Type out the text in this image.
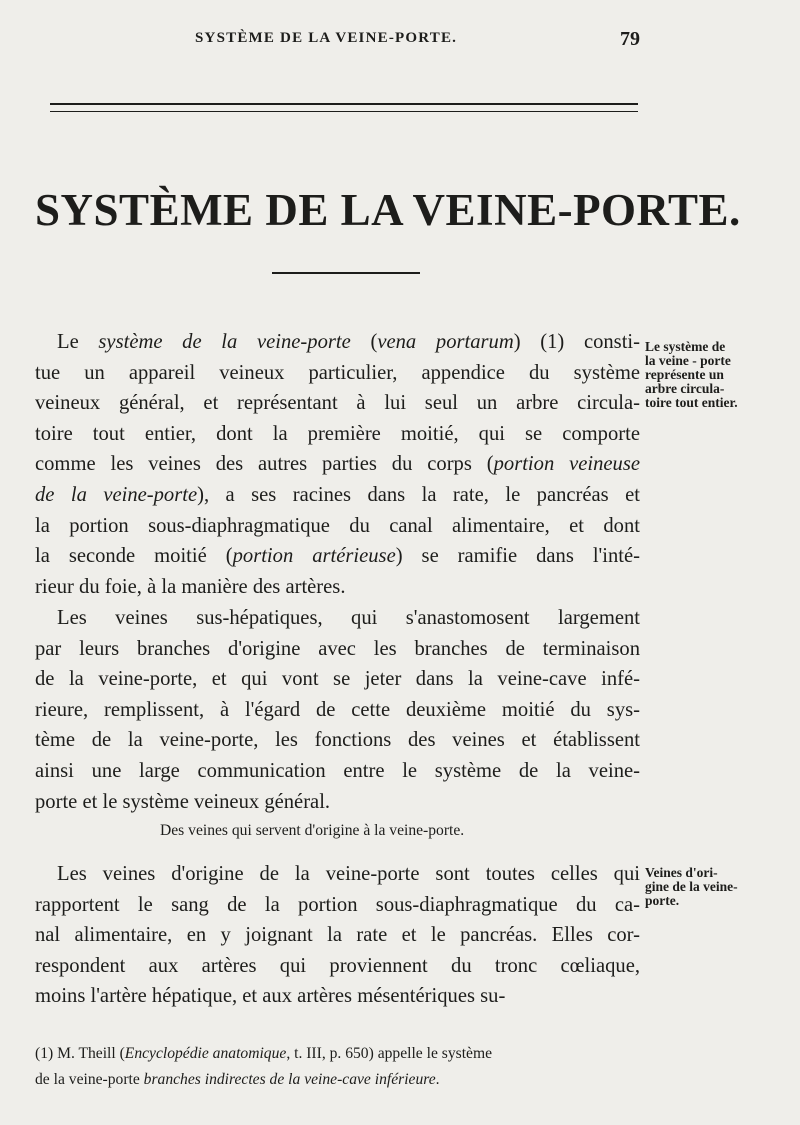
SYSTÈME DE LA VEINE-PORTE.	79
SYSTÈME DE LA VEINE-PORTE.

Le système de la veine-porte (vena portarum) (1) consti-

tue un appareil veineux particulier, appendice du système

veineux général, et représentant à lui seul un arbre circula-

toire tout entier, dont la première moitié, qui se comporte

comme les veines des autres parties du corps (portion veineuse

de la veine-porte), a ses racines dans la rate, le pancréas et

la portion sous-diaphragmatique du canal alimentaire, et dont

la seconde moitié (portion artérieuse) se ramifie dans l'inté-

rieur du foie, à la manière des artères.

Les veines sus-hépatiques, qui s'anastomosent largement

par leurs branches d'origine avec les branches de terminaison

de la veine-porte, et qui vont se jeter dans la veine-cave infé-

rieure, remplissent, à l'égard de cette deuxième moitié du sys-

tème de la veine-porte, les fonctions des veines et établissent

ainsi une large communication entre le système de la veine-

porte et le système veineux général.

Des veines qui servent d'origine à la veine-porte.

Les veines d'origine de la veine-porte sont toutes celles qui

rapportent le sang de la portion sous-diaphragmatique du ca-

nal alimentaire, en y joignant la rate et le pancréas. Elles cor-

respondent aux artères qui proviennent du tronc cœliaque,

moins l'artère hépatique, et aux artères mésentériques su-

Le système de
la veine - porte
représente un
arbre circula-
toire tout entier.
Veines d'ori-
gine de la veine-
porte.

(1) M. Theill (Encyclopédie anatomique, t. III, p. 650) appelle le système

de la veine-porte branches indirectes de la veine-cave inférieure.
